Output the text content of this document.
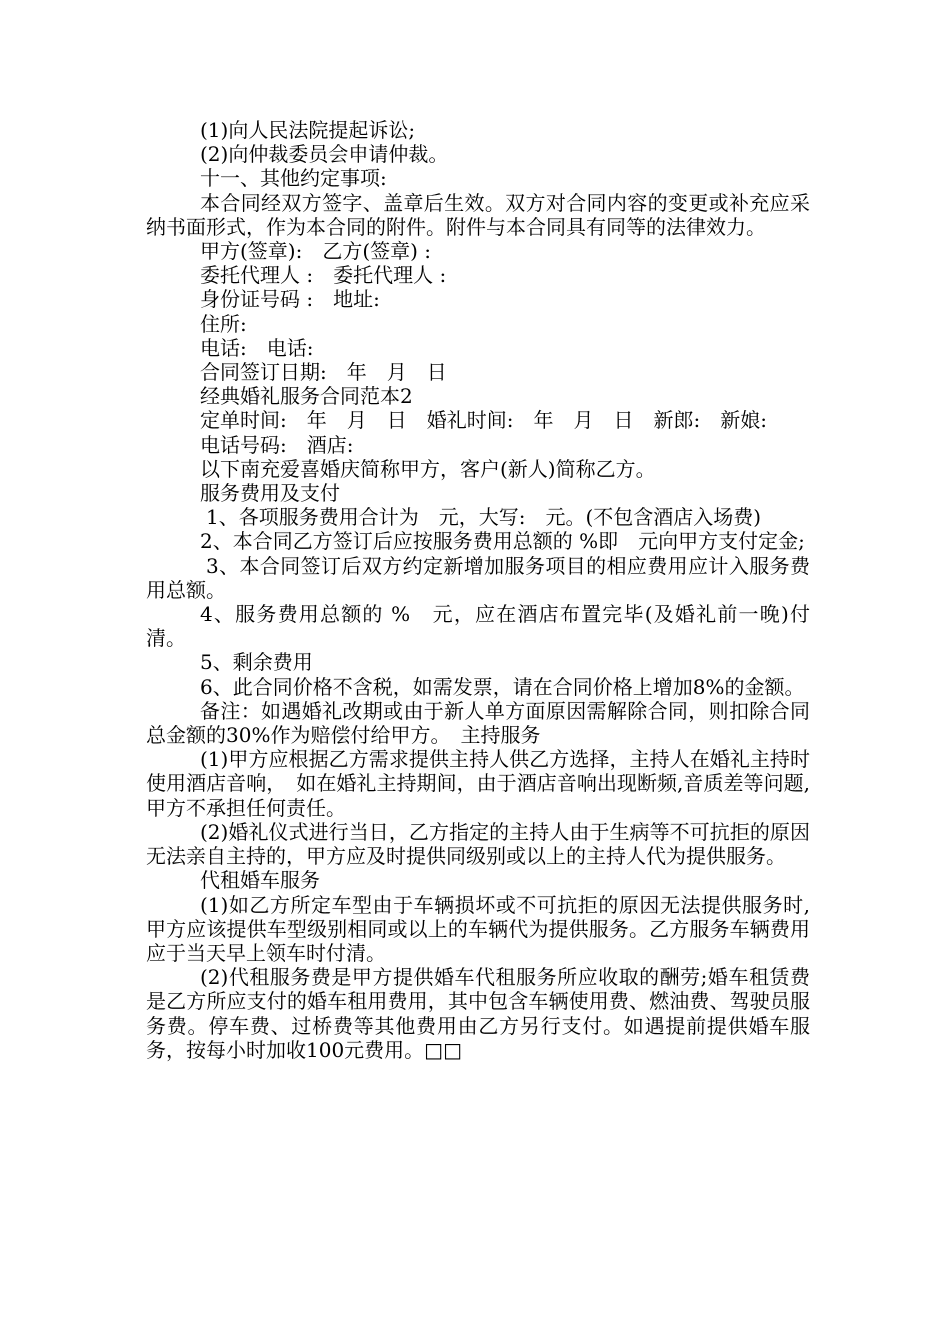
(1)向人民法院提起诉讼;

(2)向仲裁委员会申请仲裁。

十一、其他约定事项:

本合同经双方签字、盖章后生效。双方对合同内容的变更或补充应采纳书面形式，作为本合同的附件。附件与本合同具有同等的法律效力。

甲方(签章):　乙方(签章) :

委托代理人 :　委托代理人 :

身份证号码 :　地址:

住所:

电话:　电话:

合同签订日期:　年　月　日

经典婚礼服务合同范本2

定单时间:　年　月　日　婚礼时间:　年　月　日　新郎:　新娘:

电话号码:　酒店:

以下南充爱喜婚庆简称甲方，客户(新人)简称乙方。

服务费用及支付

1、各项服务费用合计为　元，大写:　元。(不包含酒店入场费)

2、本合同乙方签订后应按服务费用总额的 %即　元向甲方支付定金;

3、本合同签订后双方约定新增加服务项目的相应费用应计入服务费用总额。

4、服务费用总额的 %　元，应在酒店布置完毕(及婚礼前一晚)付清。

5、剩余费用

6、此合同价格不含税，如需发票，请在合同价格上增加8%的金额。

备注：如遇婚礼改期或由于新人单方面原因需解除合同，则扣除合同总金额的30%作为赔偿付给甲方。　主持服务

(1)甲方应根据乙方需求提供主持人供乙方选择，主持人在婚礼主持时使用酒店音响，　如在婚礼主持期间，由于酒店音响出现断频,音质差等问题,甲方不承担任何责任。

(2)婚礼仪式进行当日，乙方指定的主持人由于生病等不可抗拒的原因无法亲自主持的，甲方应及时提供同级别或以上的主持人代为提供服务。

代租婚车服务

(1)如乙方所定车型由于车辆损坏或不可抗拒的原因无法提供服务时,甲方应该提供车型级别相同或以上的车辆代为提供服务。乙方服务车辆费用应于当天早上领车时付清。

(2)代租服务费是甲方提供婚车代租服务所应收取的酬劳;婚车租赁费是乙方所应支付的婚车租用费用，其中包含车辆使用费、燃油费、驾驶员服务费。停车费、过桥费等其他费用由乙方另行支付。如遇提前提供婚车服务，按每小时加收100元费用。□□
